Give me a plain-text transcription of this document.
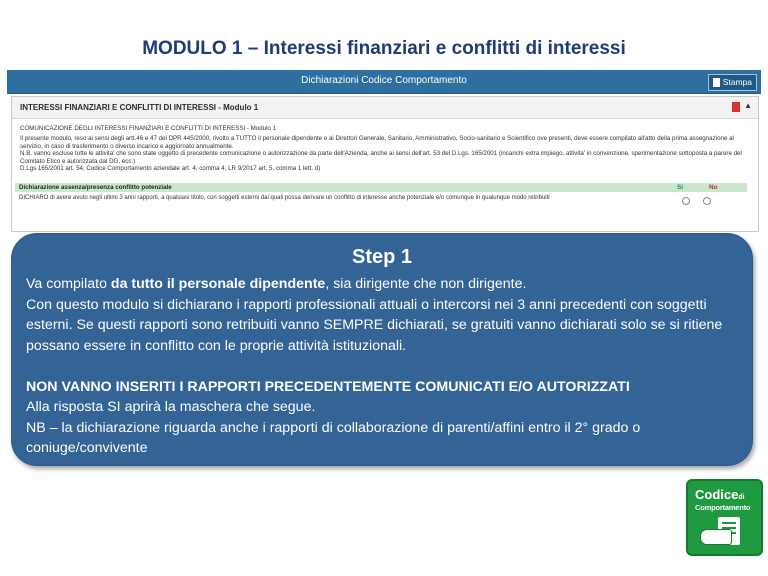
MODULO 1 – Interessi finanziari e conflitti di interessi
Dichiarazioni Codice Comportamento	Stampa
INTERESSI FINANZIARI E CONFLITTI DI INTERESSI - Modulo 1	▲
COMUNICAZIONE DEGLI INTERESSI FINANZIARI E CONFLITTI DI INTERESSI - Modulo 1

Il presente modulo, reso ai sensi degli artt.46 e 47 del DPR 445/2000, rivolto a TUTTO il personale dipendente e ai Direttori Generale, Sanitario, Amministrativo, Socio-sanitario e Scientifico ove presenti, deve essere compilato all'atto della prima assegnazione al servizio, in caso di trasferimento o diverso incarico e aggiornato annualmente.

N.B. vanno escluse tutte le attivita' che sono state oggetto di precedente comunicazione o autorizzazione da parte dell'Azienda, anche ai sensi dell'art. 53 del D.Lgs. 165/2001 (incarichi extra impiego, attivita' in convenzione, sperimentazione sottoposta a parere del Comitato Etico e autorizzata dal DG, ecc.)

D.Lgs 165/2001 art. 54, Codice Comportamento aziendale art. 4, comma 4; LR 9/2017 art. 5, comma 1 lett. d)

Dichiarazione assenza/presenza conflitto potenziale	Si	No
DICHIARO di avere avuto negli ultimi 3 anni rapporti, a qualsiasi titolo, con soggetti esterni dai quali possa derivare un conflitto di interesse anche potenziale e/o comunque in qualunque modo retribuiti
Step 1

Va compilato da tutto il personale dipendente, sia dirigente che non dirigente.

Con questo modulo si dichiarano i rapporti professionali attuali o intercorsi nei 3 anni precedenti con soggetti esterni. Se questi rapporti sono retribuiti vanno SEMPRE dichiarati, se gratuiti vanno dichiarati solo se si ritiene possano essere in conflitto con le proprie attività istituzionali.

NON VANNO INSERITI I RAPPORTI PRECEDENTEMENTE COMUNICATI E/O AUTORIZZATI

Alla risposta SI aprirà la maschera che segue.

NB – la dichiarazione riguarda anche i rapporti di collaborazione di parenti/affini entro il 2° grado o coniuge/convivente

Codicedi
Comportamento
